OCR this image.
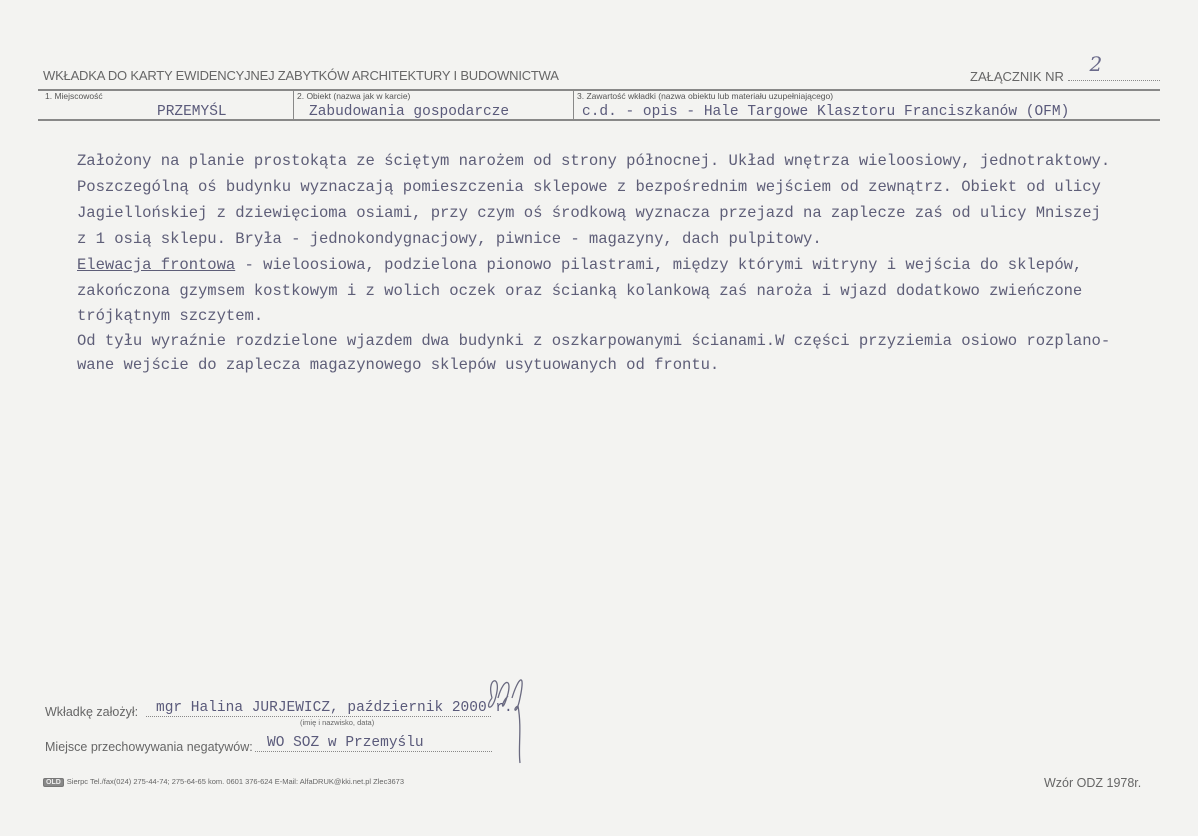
WKŁADKA DO KARTY EWIDENCYJNEJ ZABYTKÓW ARCHITEKTURY I BUDOWNICTWA	ZAŁĄCZNIK NR
2
1. Miejscowość
PRZEMYŚL
2. Obiekt (nazwa jak w karcie)
Zabudowania gospodarcze
3. Zawartość wkładki (nazwa obiektu lub materiału uzupełniającego)
c.d. - opis - Hale Targowe Klasztoru Franciszkanów (OFM)
Założony na planie prostokąta ze ściętym narożem od strony północnej. Układ wnętrza wieloosiowy, jednotraktowy.
Poszczególną oś budynku wyznaczają pomieszczenia sklepowe z bezpośrednim wejściem od zewnątrz. Obiekt od ulicy
Jagiellońskiej z dziewięcioma osiami, przy czym oś środkową wyznacza przejazd na zaplecze zaś od ulicy Mniszej
z 1 osią sklepu. Bryła - jednokondygnacjowy, piwnice - magazyny, dach pulpitowy.
Elewacja frontowa - wieloosiowa, podzielona pionowo pilastrami, między którymi witryny i wejścia do sklepów,
zakończona gzymsem kostkowym i z wolich oczek oraz ścianką kolankową zaś naroża i wjazd dodatkowo zwieńczone
trójkątnym szczytem.
Od tyłu wyraźnie rozdzielone wjazdem dwa budynki z oszkarpowanymi ścianami.W części przyziemia osiowo rozplano-
wane wejście do zaplecza magazynowego sklepów usytuowanych od frontu.
Wkładkę założył:	mgr Halina JURJEWICZ, październik 2000 r.
(imię i nazwisko, data)
Miejsce przechowywania negatywów: WO SOZ w Przemyślu
OLD Sierpc Tel./fax(024) 275-44-74; 275-64-65 kom. 0601 376-624 E-Mail: AlfaDRUK@kki.net.pl Zlec3673	Wzór ODZ 1978r.
